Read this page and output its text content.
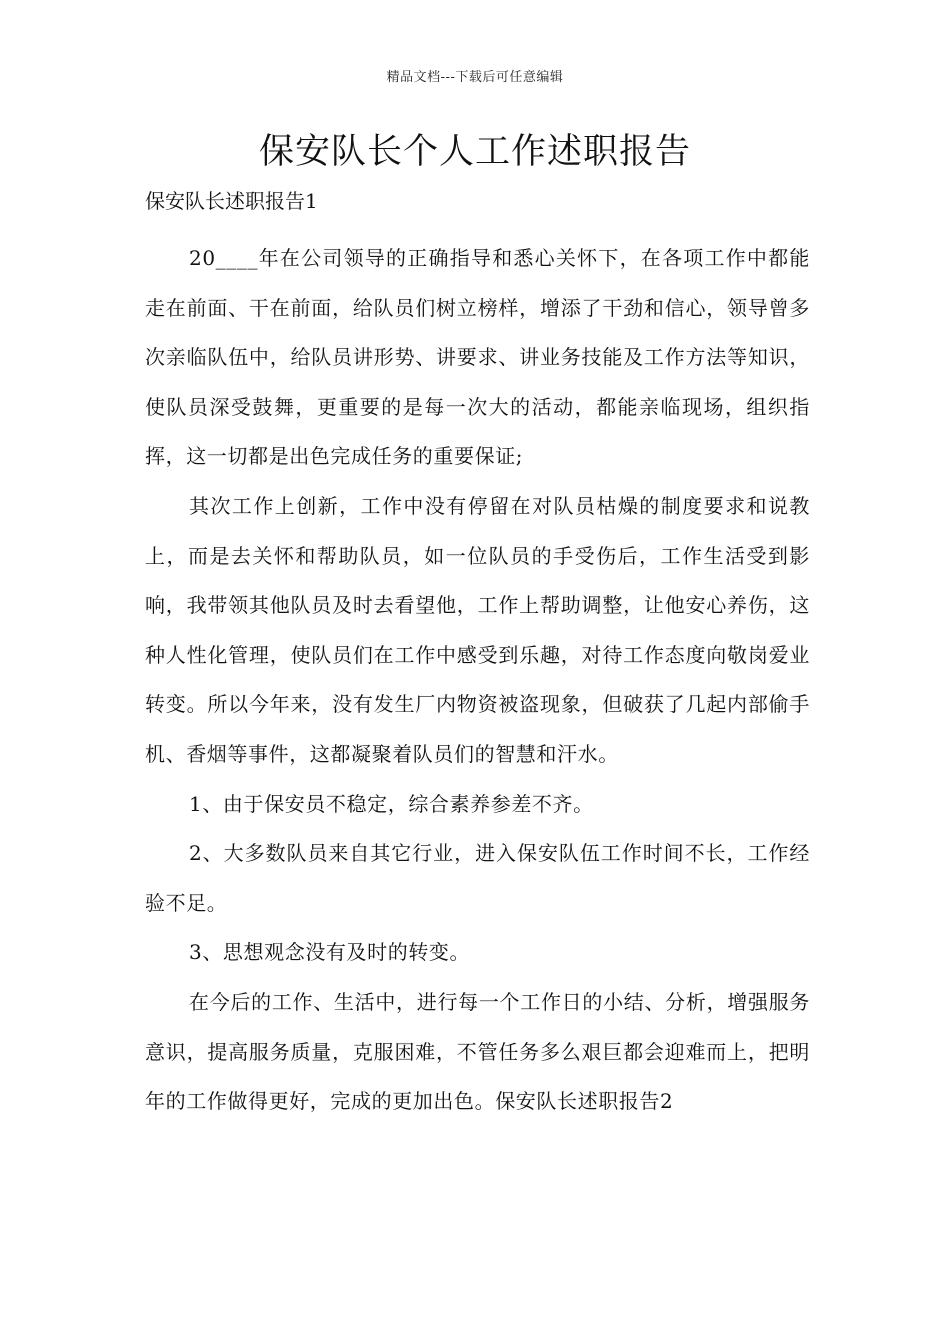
精品文档---下载后可任意编辑
保安队长个人工作述职报告
保安队长述职报告1

20____年在公司领导的正确指导和悉心关怀下，在各项工作中都能走在前面、干在前面，给队员们树立榜样，增添了干劲和信心，领导曾多次亲临队伍中，给队员讲形势、讲要求、讲业务技能及工作方法等知识，使队员深受鼓舞，更重要的是每一次大的活动，都能亲临现场，组织指挥，这一切都是出色完成任务的重要保证;

其次工作上创新，工作中没有停留在对队员枯燥的制度要求和说教上，而是去关怀和帮助队员，如一位队员的手受伤后，工作生活受到影响，我带领其他队员及时去看望他，工作上帮助调整，让他安心养伤，这种人性化管理，使队员们在工作中感受到乐趣，对待工作态度向敬岗爱业转变。所以今年来，没有发生厂内物资被盗现象，但破获了几起内部偷手机、香烟等事件，这都凝聚着队员们的智慧和汗水。

1、由于保安员不稳定，综合素养参差不齐。

2、大多数队员来自其它行业，进入保安队伍工作时间不长，工作经验不足。

3、思想观念没有及时的转变。

在今后的工作、生活中，进行每一个工作日的小结、分析，增强服务意识，提高服务质量，克服困难，不管任务多么艰巨都会迎难而上，把明年的工作做得更好，完成的更加出色。保安队长述职报告2
